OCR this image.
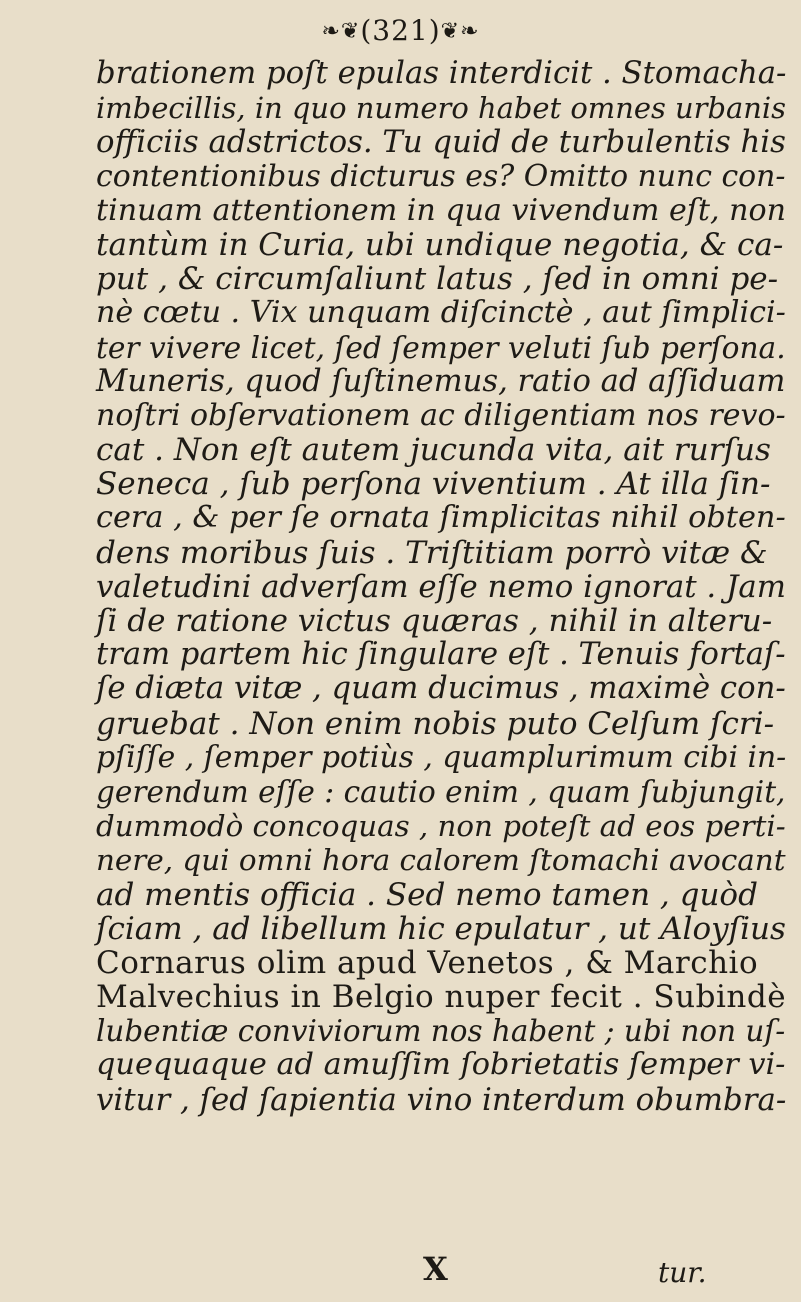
❧❦(321)❦❧
brationem poſt epulas interdicit . Stomacha-
imbecillis, in quo numero habet omnes urbanis
officiis adstrictos. Tu quid de turbulentis his
contentionibus dicturus es? Omitto nunc con-
tinuam attentionem in qua vivendum eſt, non
tantùm in Curia, ubi undique negotia, & ca-
put , & circumſaliunt latus , ſed in omni pe-
nè cœtu . Vix unquam diſcinctè , aut ſimplici-
ter vivere licet, ſed ſemper veluti ſub perſona.
Muneris, quod ſuſtinemus, ratio ad aſſiduam
noſtri obſervationem ac diligentiam nos revo-
cat . Non eſt autem jucunda vita, ait rurſus
Seneca , ſub perſona viventium . At illa ſin-
cera , & per ſe ornata ſimplicitas nihil obten-
dens moribus ſuis . Triſtitiam porrò vitæ &
valetudini adverſam eſſe nemo ignorat . Jam
ſi de ratione victus quæras , nihil in alteru-
tram partem hic ſingulare eſt . Tenuis fortaſ-
ſe diæta vitæ , quam ducimus , maximè con-
gruebat . Non enim nobis puto Celſum ſcri-
pſiſſe , ſemper potiùs , quamplurimum cibi in-
gerendum eſſe : cautio enim , quam ſubjungit,
dummodò concoquas , non poteſt ad eos perti-
nere, qui omni hora calorem ſtomachi avocant
ad mentis officia . Sed nemo tamen , quòd
ſciam , ad libellum hic epulatur , ut Aloyſius
Cornarus olim apud Venetos , & Marchio
Malvechius in Belgio nuper fecit . Subindè
lubentiæ conviviorum nos habent ; ubi non uſ-
quequaque ad amuſſim ſobrietatis ſemper vi-
vitur , ſed ſapientia vino interdum obumbra-
X	tur.
